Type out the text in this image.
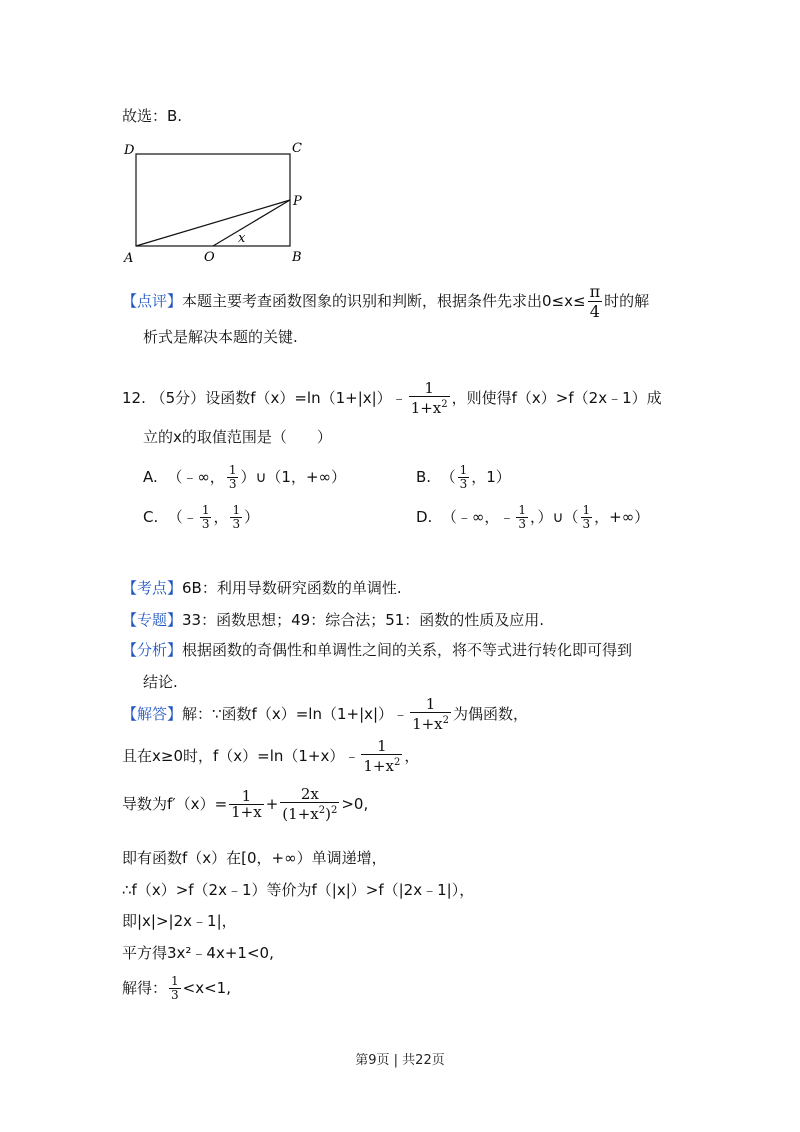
故选：B.
D	C
P
A	O
x
B
【点评】本题主要考查函数图象的识别和判断，根据条件先求出$0\le x\le \frac{\pi}{4}$ 时的解
析式是解决本题的关键.
12. （5分）设函数f（x）=ln（1+|x|）﹣ $\frac{1}{1+x^2}$ ，则使得f（x）>f（2x﹣1）成
立的x的取值范围是（　　）
A. （﹣∞， $\frac{1}{3}$ ）∪（1，+∞）	B. （ $\frac{1}{3}$ ，1）
C. （﹣ $\frac{1}{3}$ ， $\frac{1}{3}$ ）	D. （﹣∞，﹣ $\frac{1}{3}$ ，）∪（ $\frac{1}{3}$ ，+∞）
【考点】6B：利用导数研究函数的单调性.
【专题】33：函数思想；49：综合法；51：函数的性质及应用.
【分析】根据函数的奇偶性和单调性之间的关系，将不等式进行转化即可得到
结论.
【解答】解：∵函数f（x）=ln（1+|x|）﹣ $\frac{1}{1+x^2}$ 为偶函数，
且在x≥0时，f（x）=ln（1+x）﹣ $\frac{1}{1+x^2}$ ，
导数为$f'(x)= \frac{1}{1+x} + \frac{2x}{(1+x^2)^2} >0$,
即有函数f（x）在[0，+∞）单调递增，
∴f（x）>f（2x﹣1）等价为f（|x|）>f（|2x﹣1|），
即|x|>|2x﹣1|，
平方得3x²﹣4x+1<0,
解得： $\frac{1}{3} <x<1$,
第9页 | 共22页
